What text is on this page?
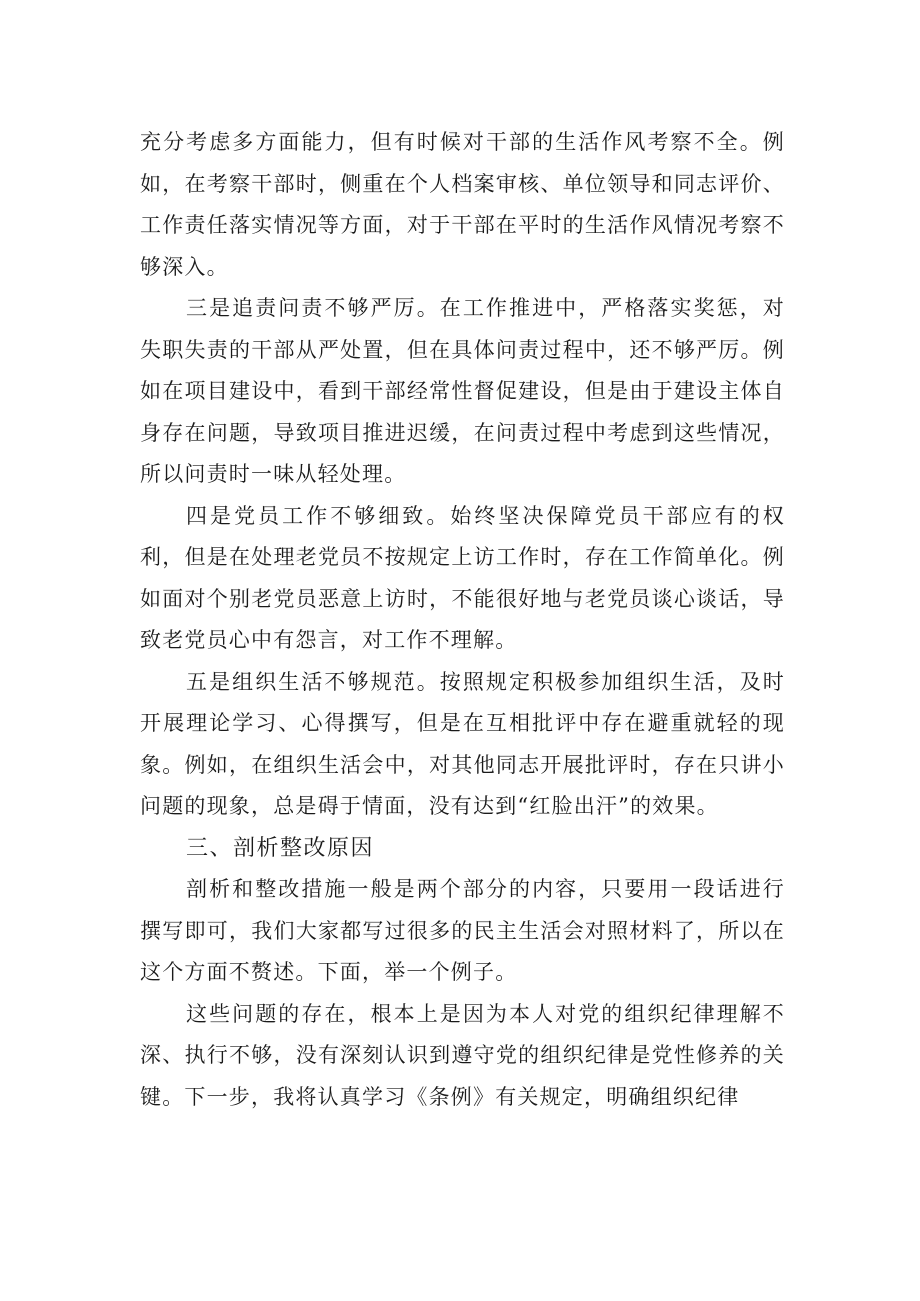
充分考虑多方面能力，但有时候对干部的生活作风考察不全。例如，在考察干部时，侧重在个人档案审核、单位领导和同志评价、工作责任落实情况等方面，对于干部在平时的生活作风情况考察不够深入。

三是追责问责不够严厉。在工作推进中，严格落实奖惩，对失职失责的干部从严处置，但在具体问责过程中，还不够严厉。例如在项目建设中，看到干部经常性督促建设，但是由于建设主体自身存在问题，导致项目推进迟缓，在问责过程中考虑到这些情况，所以问责时一味从轻处理。

四是党员工作不够细致。始终坚决保障党员干部应有的权利，但是在处理老党员不按规定上访工作时，存在工作简单化。例如面对个别老党员恶意上访时，不能很好地与老党员谈心谈话，导致老党员心中有怨言，对工作不理解。

五是组织生活不够规范。按照规定积极参加组织生活，及时开展理论学习、心得撰写，但是在互相批评中存在避重就轻的现象。例如，在组织生活会中，对其他同志开展批评时，存在只讲小问题的现象，总是碍于情面，没有达到“红脸出汗”的效果。

三、剖析整改原因

剖析和整改措施一般是两个部分的内容，只要用一段话进行撰写即可，我们大家都写过很多的民主生活会对照材料了，所以在这个方面不赘述。下面，举一个例子。

这些问题的存在，根本上是因为本人对党的组织纪律理解不深、执行不够，没有深刻认识到遵守党的组织纪律是党性修养的关键。下一步，我将认真学习《条例》有关规定，明确组织纪律
